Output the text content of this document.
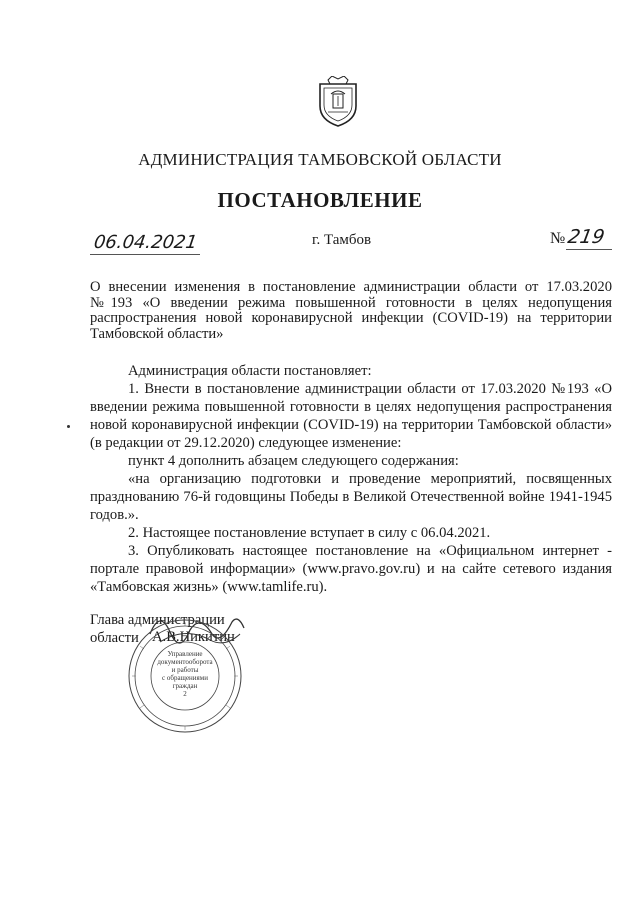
АДМИНИСТРАЦИЯ ТАМБОВСКОЙ ОБЛАСТИ
ПОСТАНОВЛЕНИЕ
06.04.2021	г. Тамбов	№ 219
О внесении изменения в постановление администрации области от 17.03.2020 №193 «О введении режима повышенной готовности в целях недопущения распространения новой коронавирусной инфекции (COVID-19) на территории Тамбовской области»

Администрация области постановляет:

1. Внести в постановление администрации области от 17.03.2020 №193 «О введении режима повышенной готовности в целях недопущения распространения новой коронавирусной инфекции (COVID-19) на территории Тамбовской области» (в редакции от 29.12.2020) следующее изменение:

пункт 4 дополнить абзацем следующего содержания:

«на организацию подготовки и проведение мероприятий, посвященных празднованию 76-й годовщины Победы в Великой Отечественной войне 1941-1945 годов.».

2. Настоящее постановление вступает в силу с 06.04.2021.

3. Опубликовать настоящее постановление на «Официальном интернет - портале правовой информации» (www.pravo.gov.ru) и на сайте сетевого издания «Тамбовская жизнь» (www.tamlife.ru).

Глава администрации
области А.В.Никитин
Управление
документооборота
и работы
с обращениями
граждан
2
